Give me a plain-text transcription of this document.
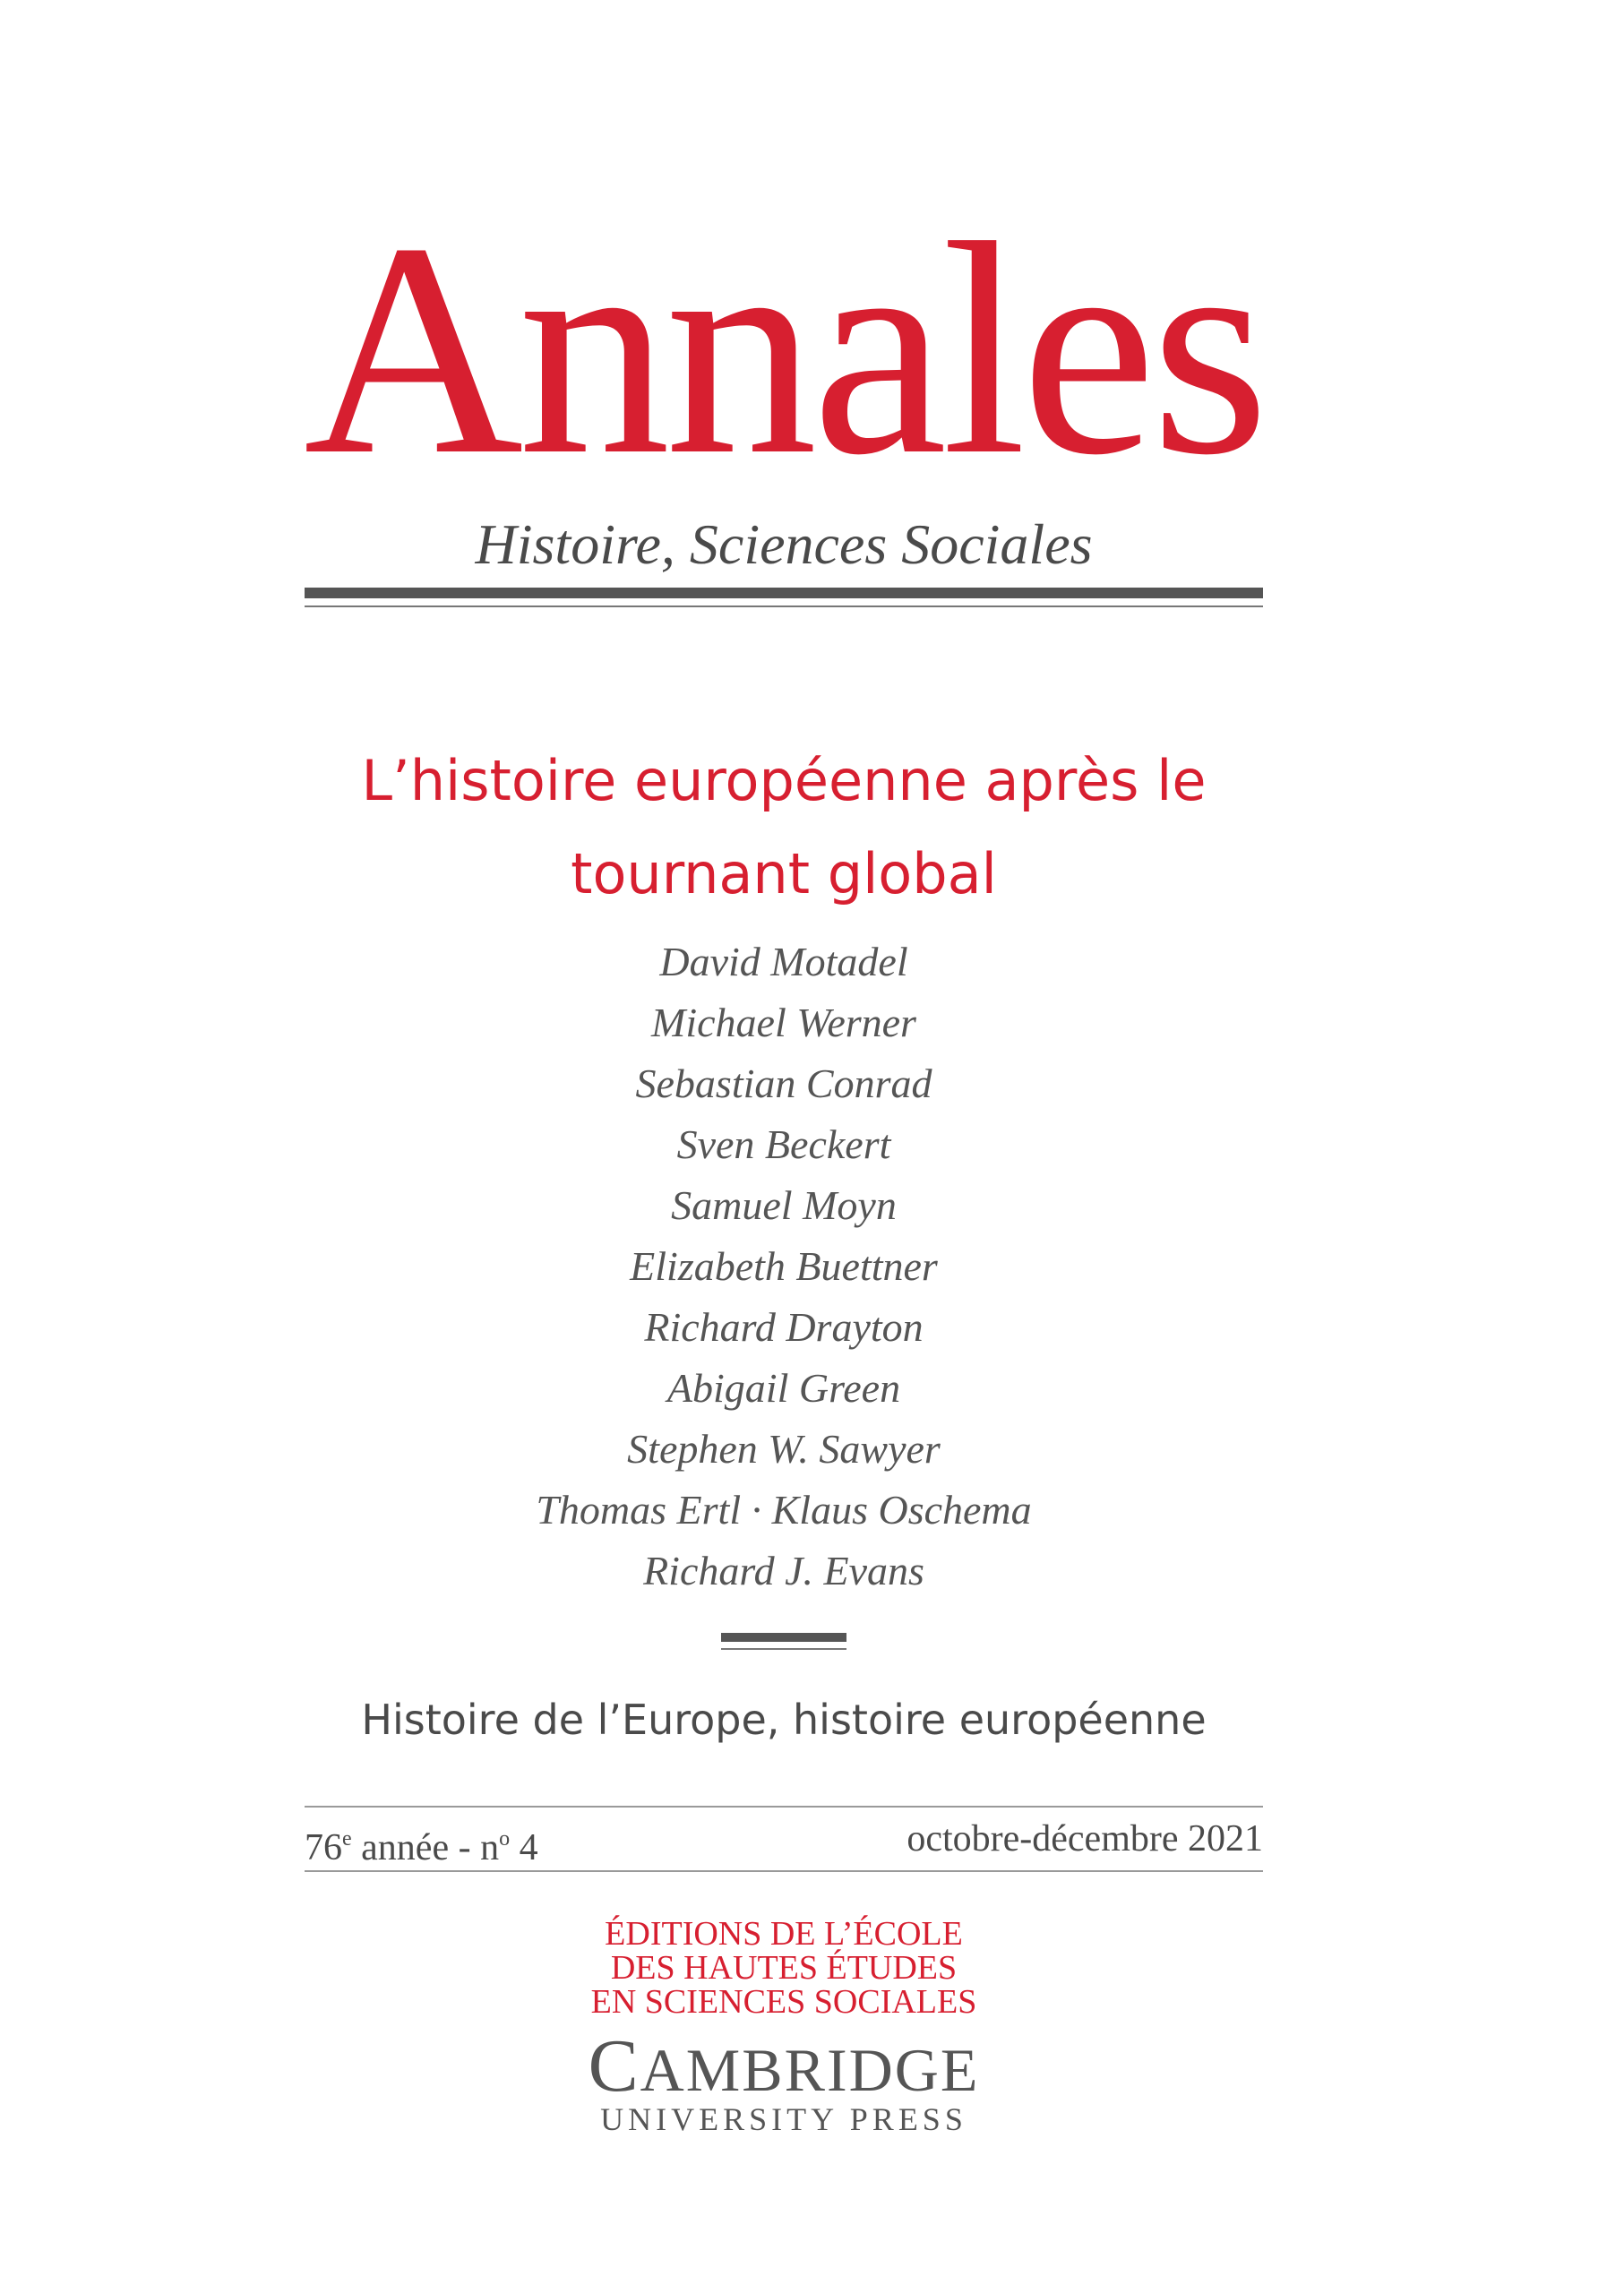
Annales
Histoire, Sciences Sociales
L’histoire européenne après le
tournant global
David Motadel
Michael Werner
Sebastian Conrad
Sven Beckert
Samuel Moyn
Elizabeth Buettner
Richard Drayton
Abigail Green
Stephen W. Sawyer
Thomas Ertl · Klaus Oschema
Richard J. Evans
Histoire de l’Europe, histoire européenne
76e année - $n^o$ 4	octobre-décembre 2021
ÉDITIONS DE L’ÉCOLE
DES HAUTES ÉTUDES
EN SCIENCES SOCIALES
CAMBRIDGE
UNIVERSITY PRESS
